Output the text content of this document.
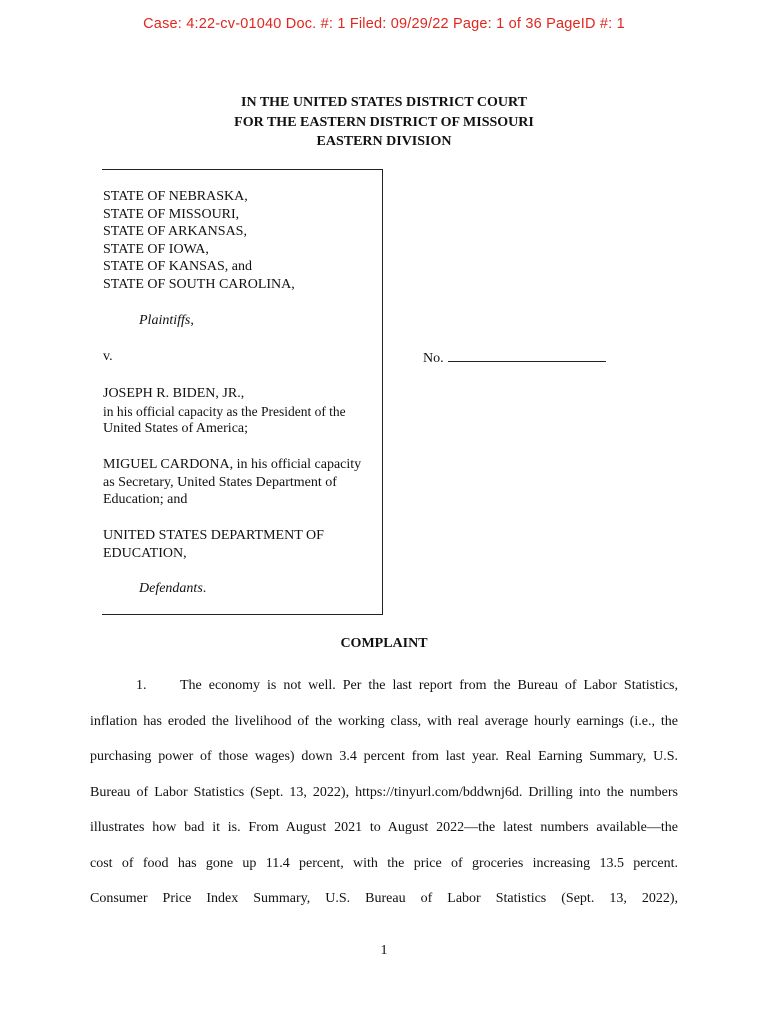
Case: 4:22-cv-01040 Doc. #: 1 Filed: 09/29/22 Page: 1 of 36 PageID #: 1
IN THE UNITED STATES DISTRICT COURT
FOR THE EASTERN DISTRICT OF MISSOURI
EASTERN DIVISION
STATE OF NEBRASKA,
STATE OF MISSOURI,
STATE OF ARKANSAS,
STATE OF IOWA,
STATE OF KANSAS, and
STATE OF SOUTH CAROLINA,
Plaintiffs,
v.
JOSEPH R. BIDEN, JR.,
in his official capacity as the President of the
United States of America;
MIGUEL CARDONA, in his official capacity
as Secretary, United States Department of
Education; and
UNITED STATES DEPARTMENT OF
EDUCATION,
Defendants.
No.
COMPLAINT
1. The economy is not well. Per the last report from the Bureau of Labor Statistics,
inflation has eroded the livelihood of the working class, with real average hourly earnings (i.e., the
purchasing power of those wages) down 3.4 percent from last year. Real Earning Summary, U.S.
Bureau of Labor Statistics (Sept. 13, 2022), https://tinyurl.com/bddwnj6d. Drilling into the numbers
illustrates how bad it is. From August 2021 to August 2022—the latest numbers available—the
cost of food has gone up 11.4 percent, with the price of groceries increasing 13.5 percent.
Consumer Price Index Summary, U.S. Bureau of Labor Statistics (Sept. 13, 2022),
1
